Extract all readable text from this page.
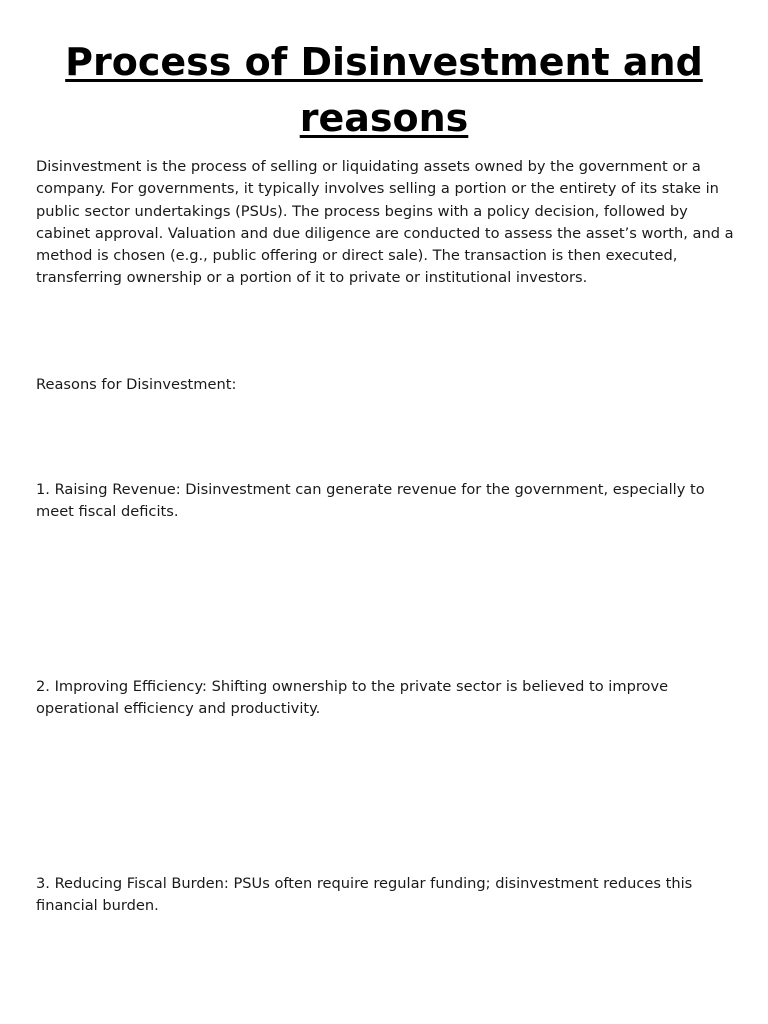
Process of Disinvestment and reasons

Disinvestment is the process of selling or liquidating assets owned by the government or a company. For governments, it typically involves selling a portion or the entirety of its stake in public sector undertakings (PSUs). The process begins with a policy decision, followed by cabinet approval. Valuation and due diligence are conducted to assess the asset’s worth, and a method is chosen (e.g., public offering or direct sale). The transaction is then executed, transferring ownership or a portion of it to private or institutional investors.

Reasons for Disinvestment:

1. Raising Revenue: Disinvestment can generate revenue for the government, especially to meet fiscal deficits.

2. Improving Efficiency: Shifting ownership to the private sector is believed to improve operational efficiency and productivity.

3. Reducing Fiscal Burden: PSUs often require regular funding; disinvestment reduces this financial burden.
